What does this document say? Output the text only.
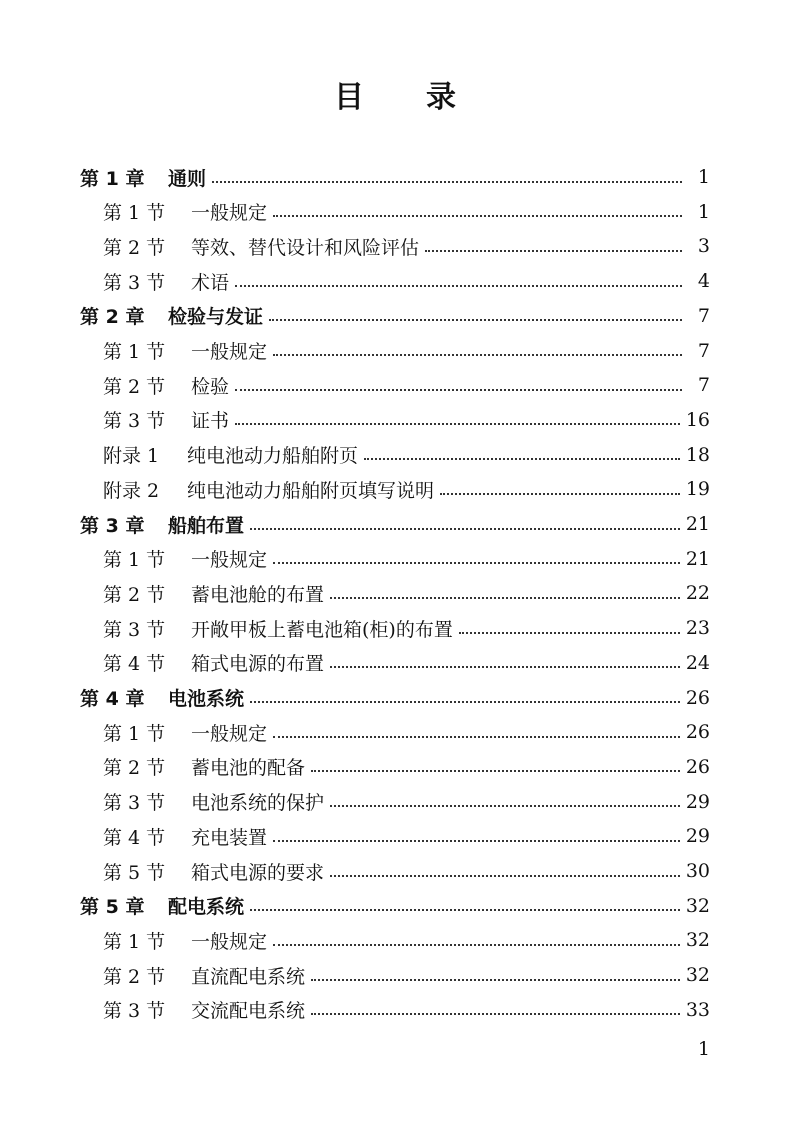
目 录
第 1 章	通则	1
第 1 节	一般规定	1
第 2 节	等效、替代设计和风险评估	3
第 3 节	术语	4
第 2 章	检验与发证	7
第 1 节	一般规定	7
第 2 节	检验	7
第 3 节	证书	16
附录 1	纯电池动力船舶附页	18
附录 2	纯电池动力船舶附页填写说明	19
第 3 章	船舶布置	21
第 1 节	一般规定	21
第 2 节	蓄电池舱的布置	22
第 3 节	开敞甲板上蓄电池箱(柜)的布置	23
第 4 节	箱式电源的布置	24
第 4 章	电池系统	26
第 1 节	一般规定	26
第 2 节	蓄电池的配备	26
第 3 节	电池系统的保护	29
第 4 节	充电装置	29
第 5 节	箱式电源的要求	30
第 5 章	配电系统	32
第 1 节	一般规定	32
第 2 节	直流配电系统	32
第 3 节	交流配电系统	33
1
